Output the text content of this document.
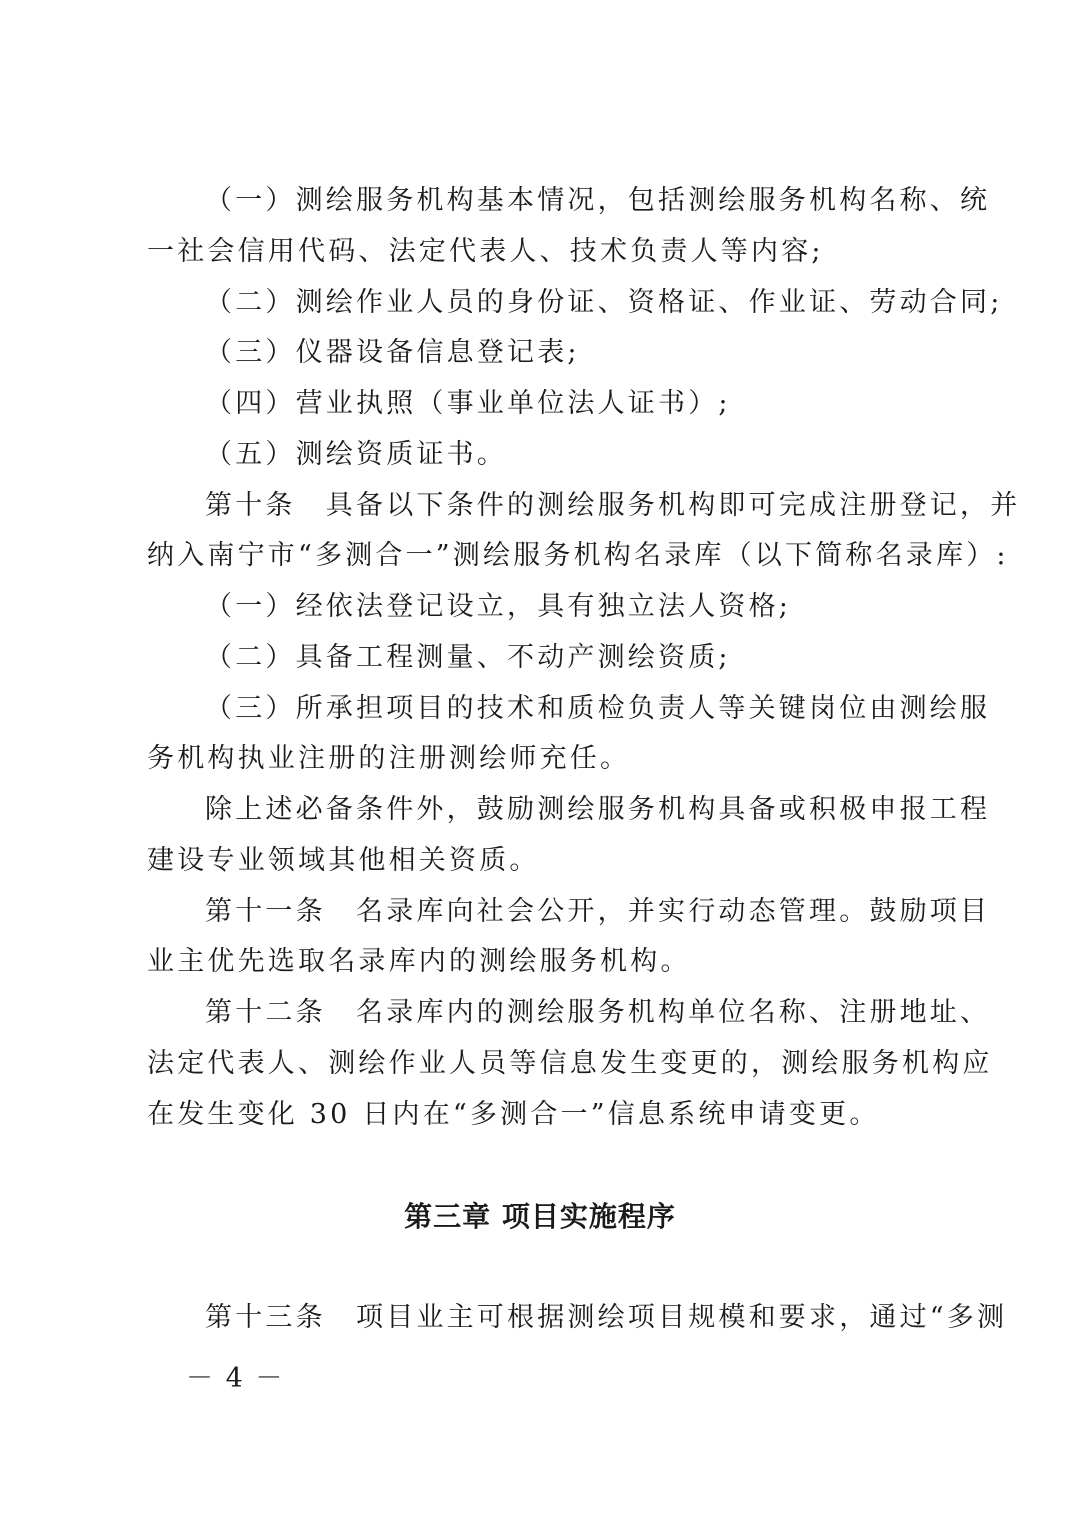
（一）测绘服务机构基本情况，包括测绘服务机构名称、统
一社会信用代码、法定代表人、技术负责人等内容;
（二）测绘作业人员的身份证、资格证、作业证、劳动合同;
（三）仪器设备信息登记表;
（四）营业执照（事业单位法人证书）;
（五）测绘资质证书。
第十条　具备以下条件的测绘服务机构即可完成注册登记，并
纳入南宁市“多测合一”测绘服务机构名录库（以下简称名录库）:
（一）经依法登记设立，具有独立法人资格;
（二）具备工程测量、不动产测绘资质;
（三）所承担项目的技术和质检负责人等关键岗位由测绘服
务机构执业注册的注册测绘师充任。
除上述必备条件外，鼓励测绘服务机构具备或积极申报工程
建设专业领域其他相关资质。
第十一条　名录库向社会公开，并实行动态管理。鼓励项目
业主优先选取名录库内的测绘服务机构。
第十二条　名录库内的测绘服务机构单位名称、注册地址、
法定代表人、测绘作业人员等信息发生变更的，测绘服务机构应
在发生变化 30 日内在“多测合一”信息系统申请变更。
第三章 项目实施程序
第十三条　项目业主可根据测绘项目规模和要求，通过“多测
－ 4 －
